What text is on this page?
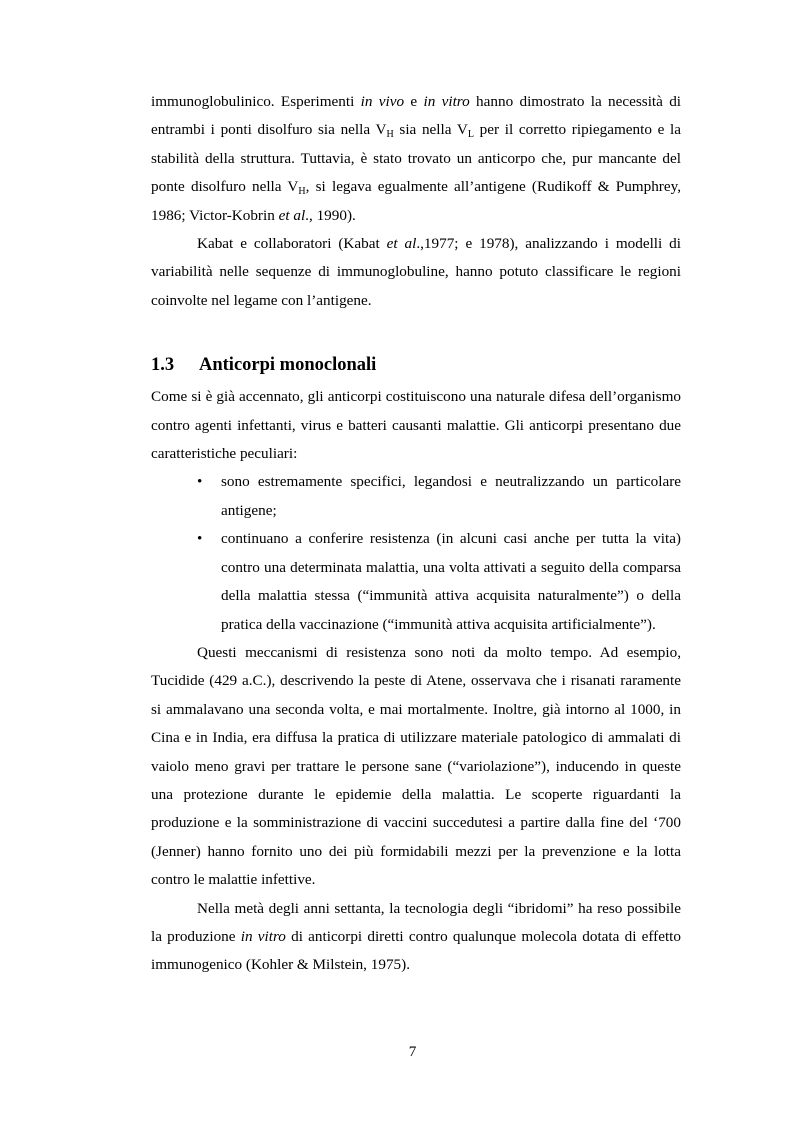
immunoglobulinico. Esperimenti in vivo e in vitro hanno dimostrato la necessità di entrambi i ponti disolfuro sia nella $V_H$ sia nella $V_L$ per il corretto ripiegamento e la stabilità della struttura. Tuttavia, è stato trovato un anticorpo che, pur mancante del ponte disolfuro nella $V_H$, si legava egualmente all’antigene (Rudikoff & Pumphrey, 1986; Victor-Kobrin et al., 1990).

Kabat e collaboratori (Kabat et al.,1977; e 1978), analizzando i modelli di variabilità nelle sequenze di immunoglobuline, hanno potuto classificare le regioni coinvolte nel legame con l’antigene.

1.3	Anticorpi monoclonali

Come si è già accennato, gli anticorpi costituiscono una naturale difesa dell’organismo contro agenti infettanti, virus e batteri causanti malattie. Gli anticorpi presentano due caratteristiche peculiari:

• sono estremamente specifici, legandosi e neutralizzando un particolare antigene;
• continuano a conferire resistenza (in alcuni casi anche per tutta la vita) contro una determinata malattia, una volta attivati a seguito della comparsa della malattia stessa (“immunità attiva acquisita naturalmente”) o della pratica della vaccinazione (“immunità attiva acquisita artificialmente”).

Questi meccanismi di resistenza sono noti da molto tempo. Ad esempio, Tucidide (429 a.C.), descrivendo la peste di Atene, osservava che i risanati raramente si ammalavano una seconda volta, e mai mortalmente. Inoltre, già intorno al 1000, in Cina e in India, era diffusa la pratica di utilizzare materiale patologico di ammalati di vaiolo meno gravi per trattare le persone sane (“variolazione”), inducendo in queste una protezione durante le epidemie della malattia. Le scoperte riguardanti la produzione e la somministrazione di vaccini succedutesi a partire dalla fine del ‘700 (Jenner) hanno fornito uno dei più formidabili mezzi per la prevenzione e la lotta contro le malattie infettive.

Nella metà degli anni settanta, la tecnologia degli “ibridomi” ha reso possibile la produzione in vitro di anticorpi diretti contro qualunque molecola dotata di effetto immunogenico (Kohler & Milstein, 1975).

7
